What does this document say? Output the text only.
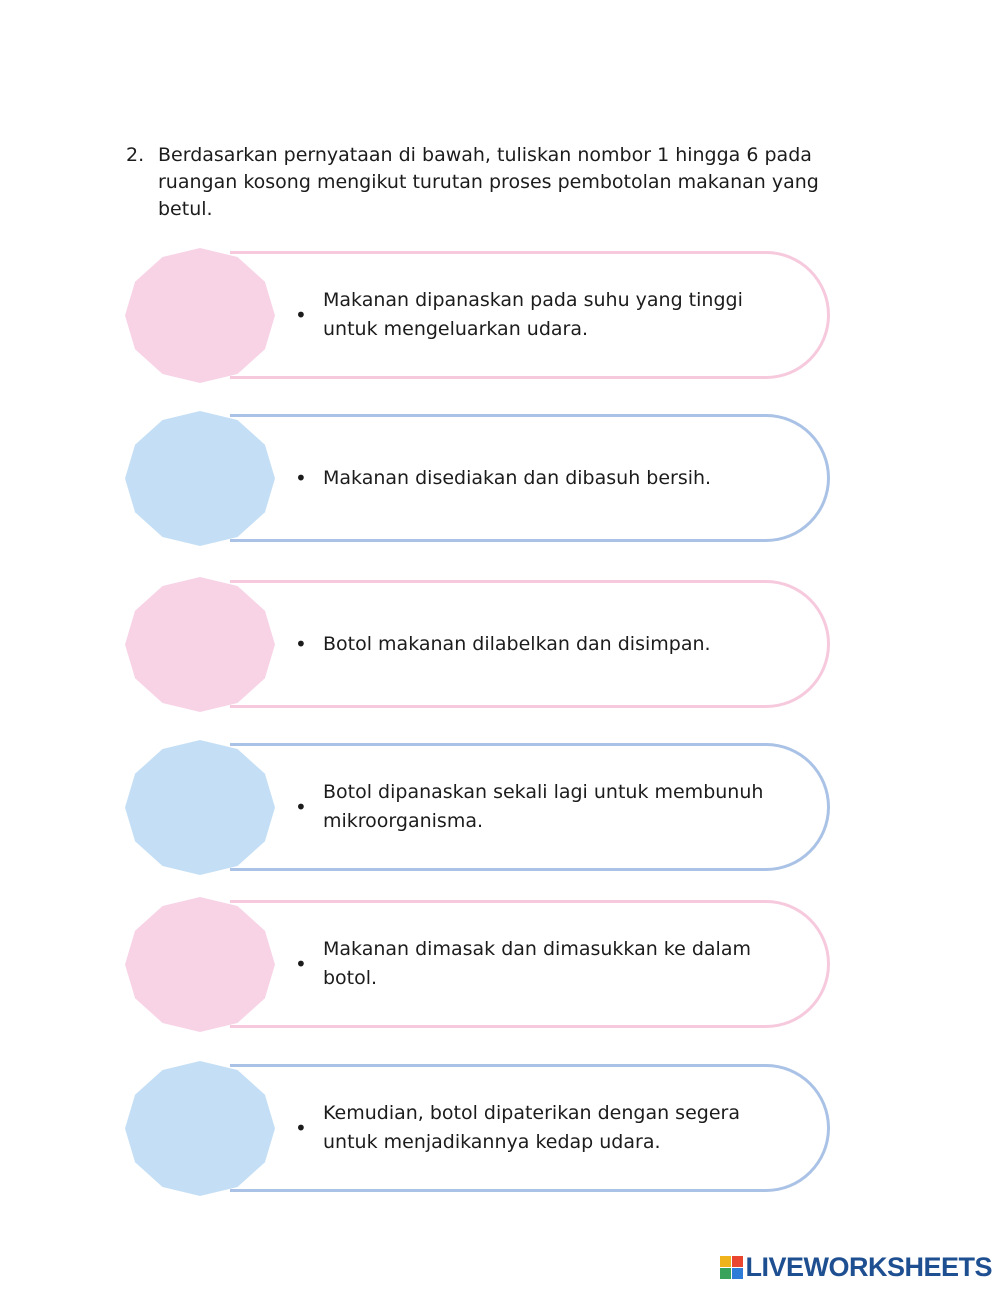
2. Berdasarkan pernyataan di bawah, tuliskan nombor 1 hingga 6 pada ruangan kosong mengikut turutan proses pembotolan makanan yang betul.
•
Makanan dipanaskan pada suhu yang tinggi untuk mengeluarkan udara.
• Makanan disediakan dan dibasuh bersih.
• Botol makanan dilabelkan dan disimpan.
•
Botol dipanaskan sekali lagi untuk membunuh mikroorganisma.
•
Makanan dimasak dan dimasukkan ke dalam botol.
•
Kemudian, botol dipaterikan dengan segera untuk menjadikannya kedap udara.
LIVEWORKSHEETS
